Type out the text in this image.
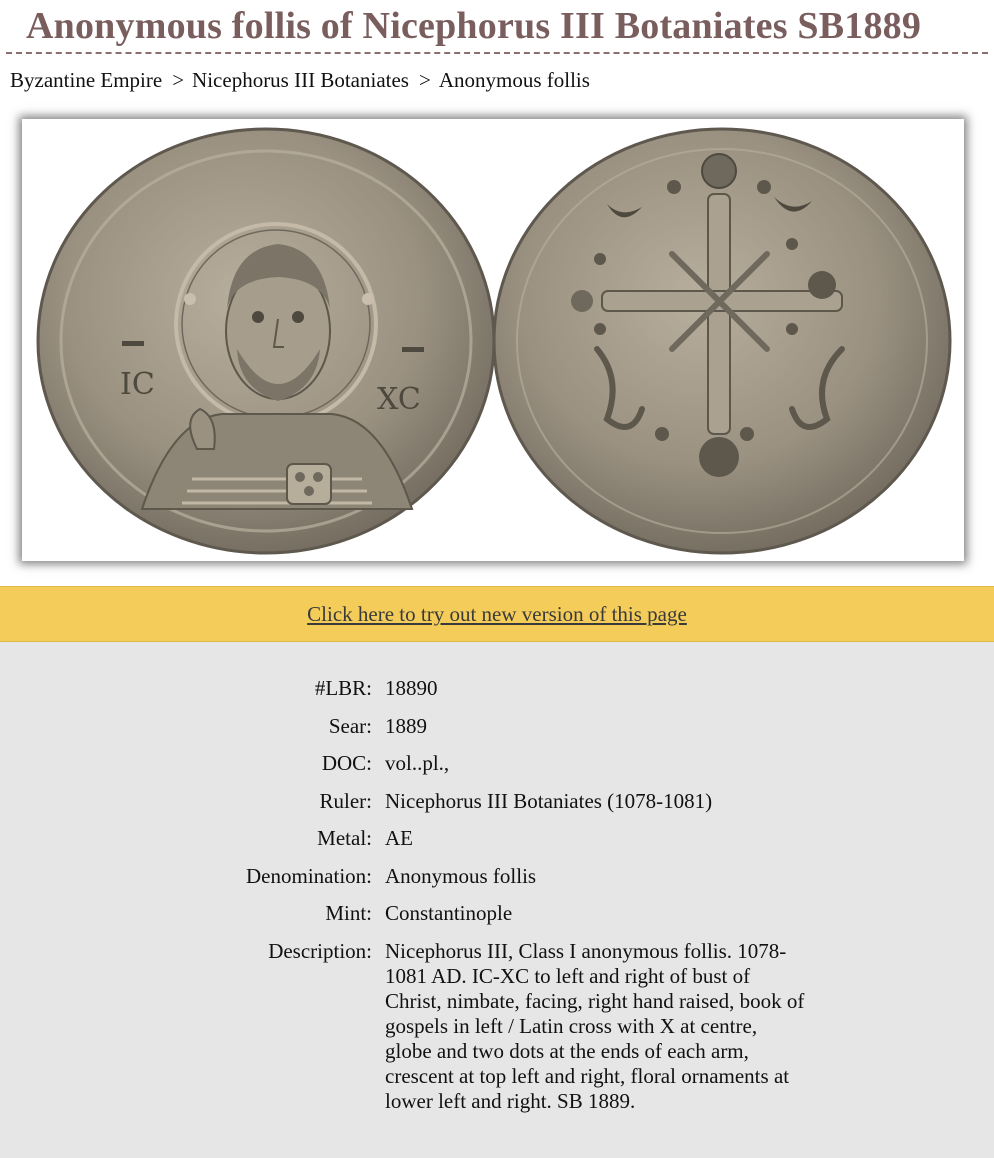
Anonymous follis of Nicephorus III Botaniates SB1889
Byzantine Empire > Nicephorus III Botaniates > Anonymous follis
IC	XC
Click here to try out new version of this page
#LBR: 18890
Sear: 1889
DOC: vol..pl.,
Ruler: Nicephorus III Botaniates (1078-1081)
Metal: AE
Denomination: Anonymous follis
Mint: Constantinople
Description: Nicephorus III, Class I anonymous follis. 1078-1081 AD. IC-XC to left and right of bust of Christ, nimbate, facing, right hand raised, book of gospels in left / Latin cross with X at centre, globe and two dots at the ends of each arm, crescent at top left and right, floral ornaments at lower left and right. SB 1889.
